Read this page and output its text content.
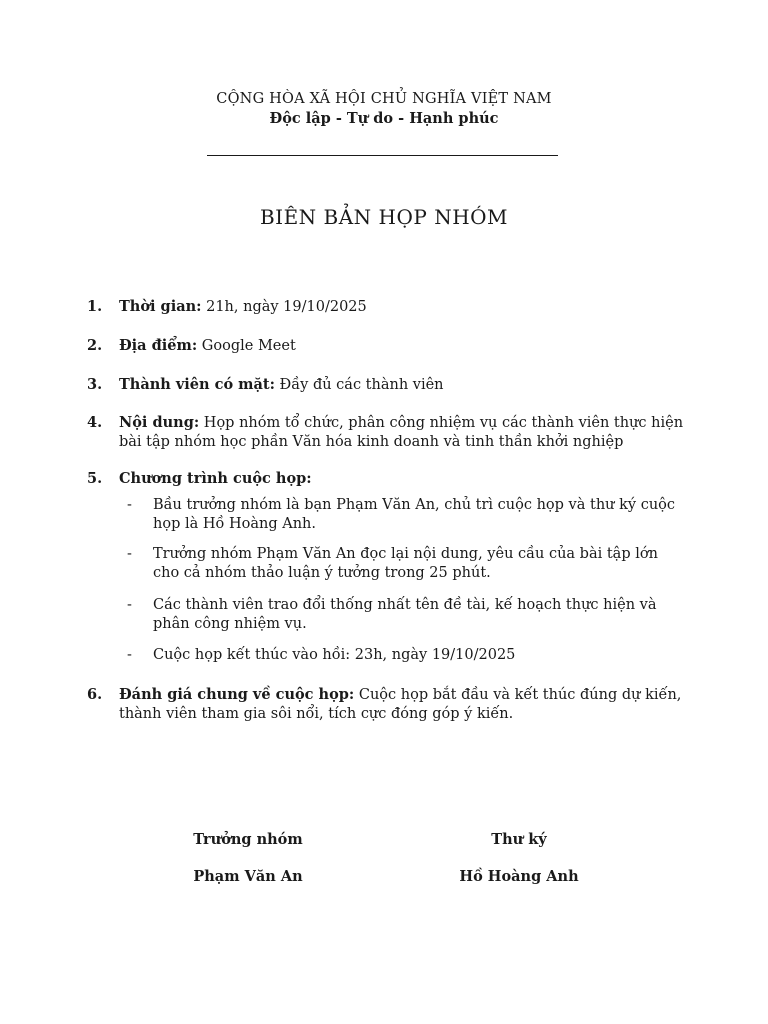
CỘNG HÒA XÃ HỘI CHỦ NGHĨA VIỆT NAM
Độc lập - Tự do - Hạnh phúc
BIÊN BẢN HỌP NHÓM
1.	Thời gian: 21h, ngày 19/10/2025
2.	Địa điểm: Google Meet
3.	Thành viên có mặt: Đầy đủ các thành viên
4.	Nội dung: Họp nhóm tổ chức, phân công nhiệm vụ các thành viên thực hiện bài tập nhóm học phần Văn hóa kinh doanh và tinh thần khởi nghiệp
5.	Chương trình cuộc họp:
- Bầu trưởng nhóm là bạn Phạm Văn An, chủ trì cuộc họp và thư ký cuộc họp là Hồ Hoàng Anh.
- Trưởng nhóm Phạm Văn An đọc lại nội dung, yêu cầu của bài tập lớn cho cả nhóm thảo luận ý tưởng trong 25 phút.
- Các thành viên trao đổi thống nhất tên đề tài, kế hoạch thực hiện và phân công nhiệm vụ.
- Cuộc họp kết thúc vào hồi: 23h, ngày 19/10/2025
6.	Đánh giá chung về cuộc họp: Cuộc họp bắt đầu và kết thúc đúng dự kiến, thành viên tham gia sôi nổi, tích cực đóng góp ý kiến.
Trưởng nhóm
Phạm Văn An
Thư ký
Hồ Hoàng Anh
